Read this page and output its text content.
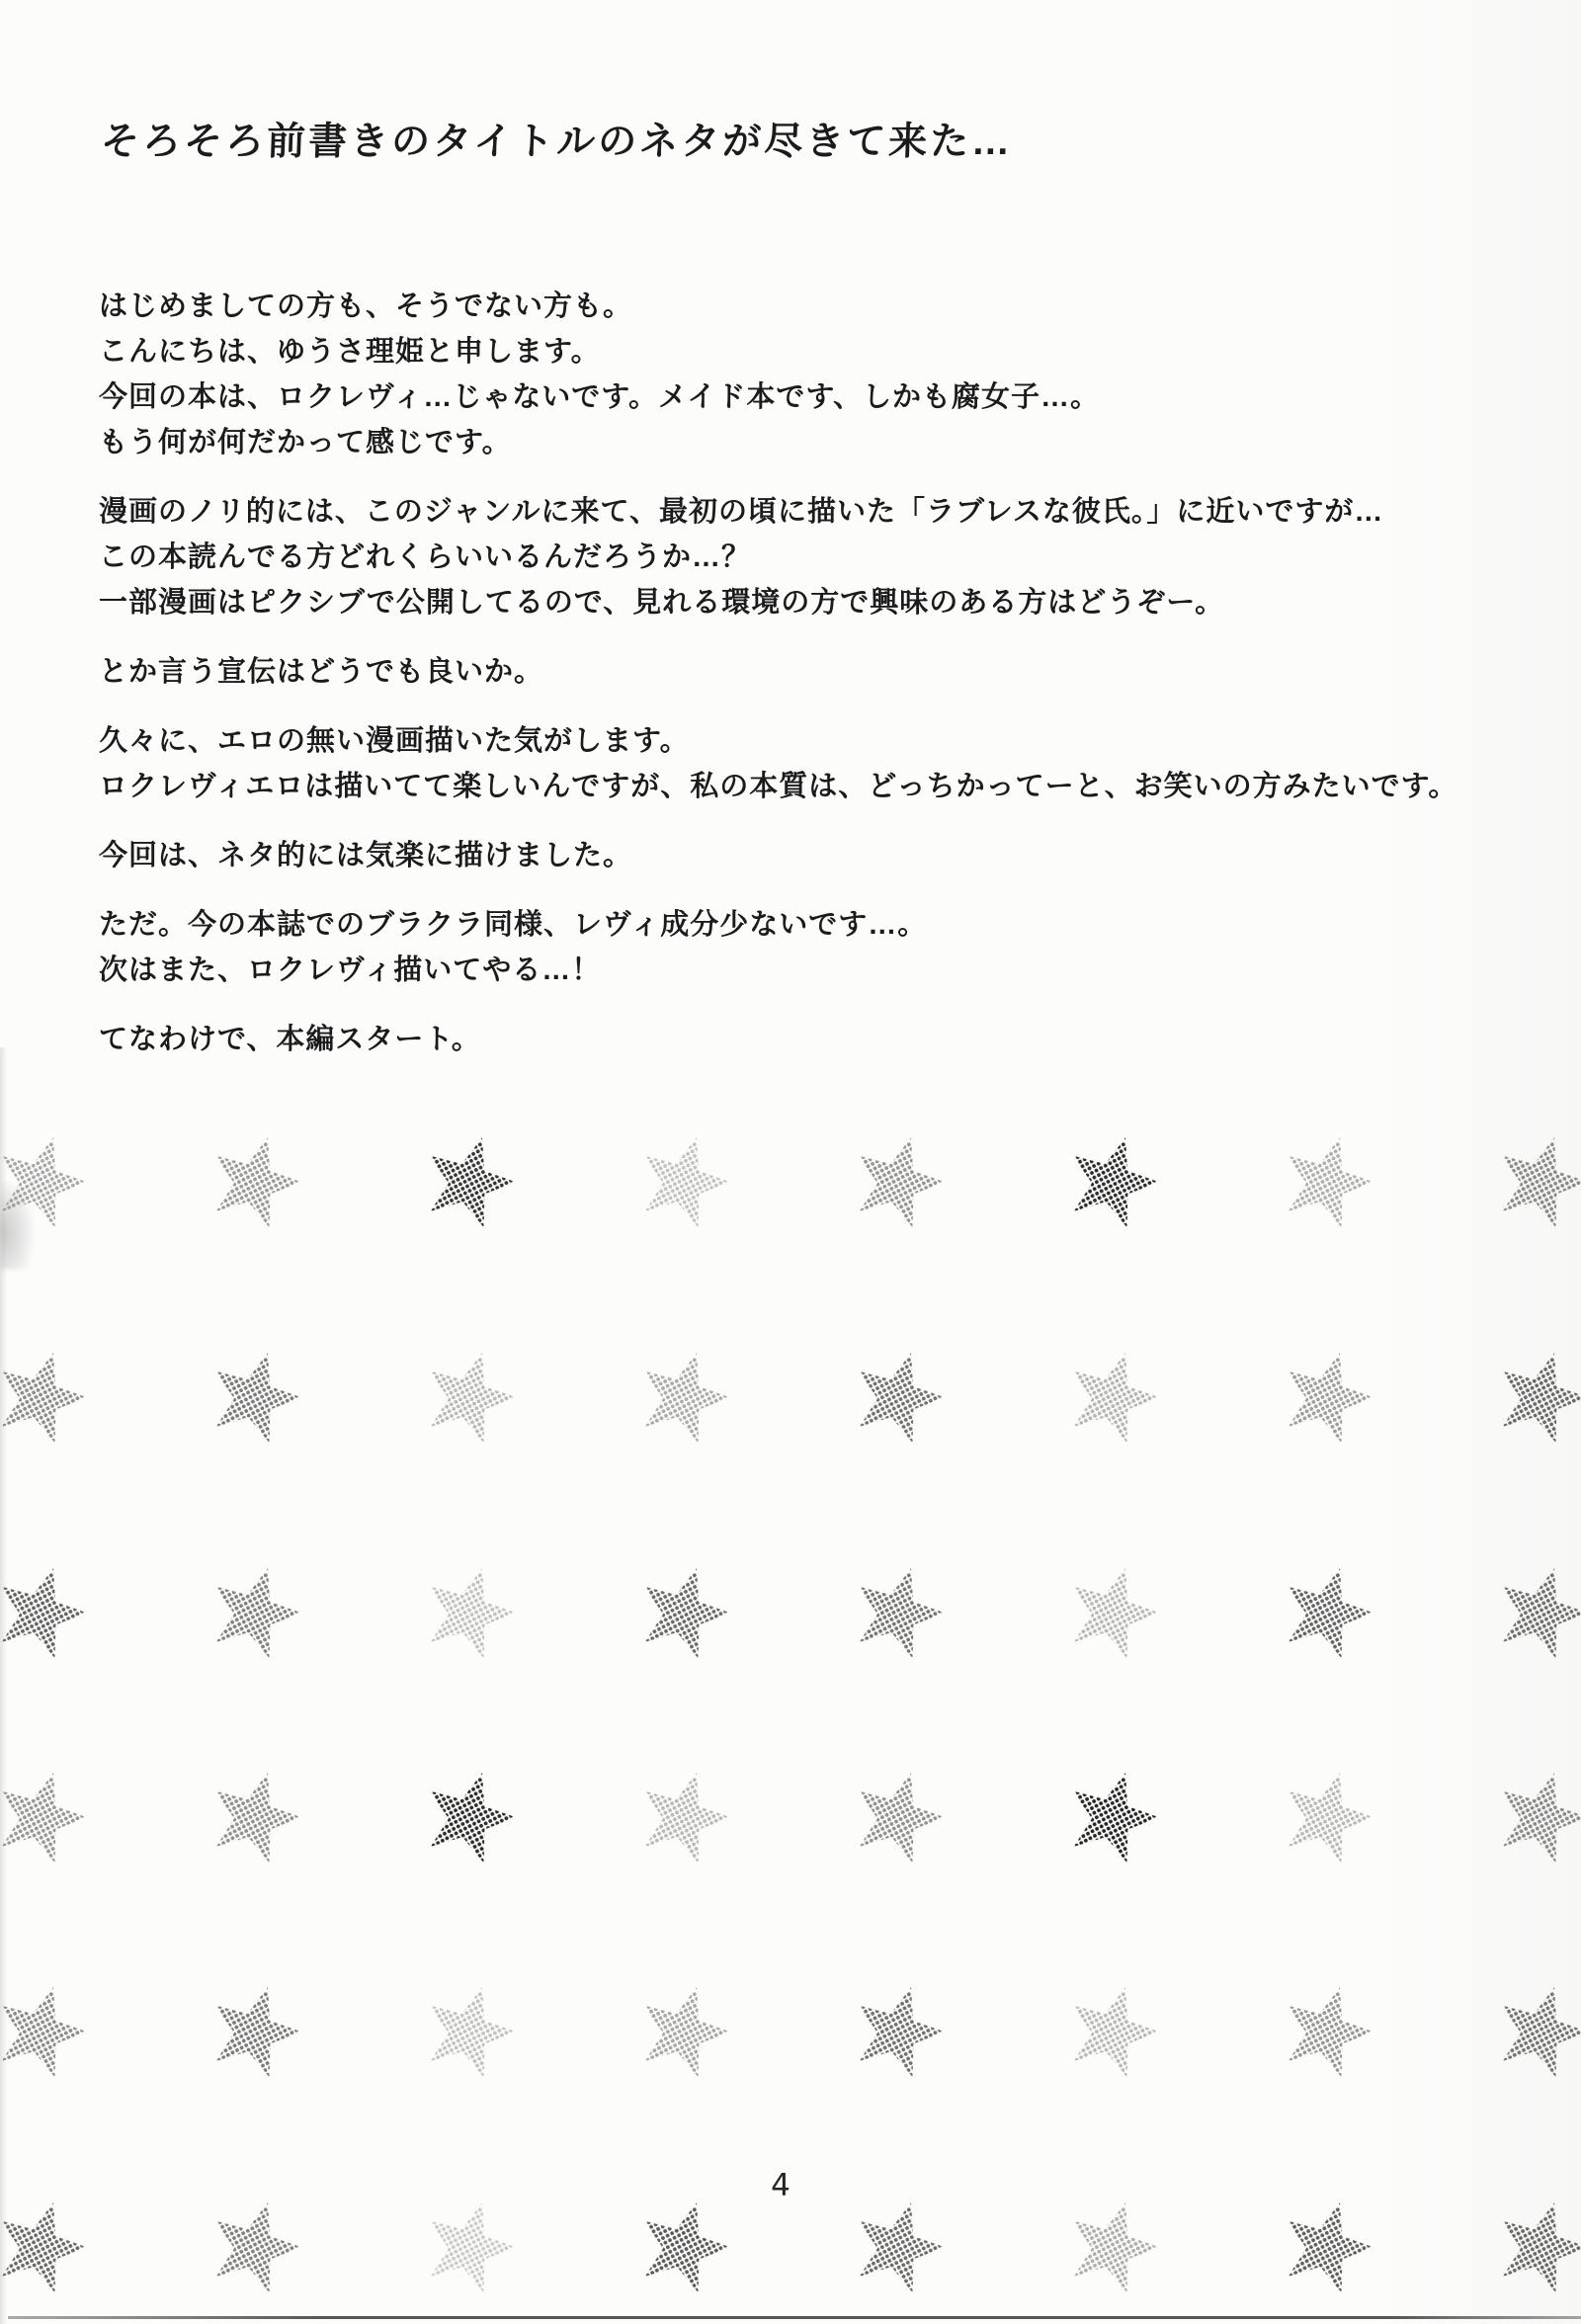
そろそろ前書きのタイトルのネタが尽きて来た…

はじめましての方も、そうでない方も。
こんにちは、ゆうさ理姫と申します。
今回の本は、ロクレヴィ…じゃないです。メイド本です、しかも腐女子…。
もう何が何だかって感じです。

漫画のノリ的には、このジャンルに来て、最初の頃に描いた「ラブレスな彼氏。」に近いですが…
この本読んでる方どれくらいいるんだろうか…？
一部漫画はピクシブで公開してるので、見れる環境の方で興味のある方はどうぞー。

とか言う宣伝はどうでも良いか。

久々に、エロの無い漫画描いた気がします。
ロクレヴィエロは描いてて楽しいんですが、私の本質は、どっちかってーと、お笑いの方みたいです。

今回は、ネタ的には気楽に描けました。

ただ。今の本誌でのブラクラ同様、レヴィ成分少ないです…。
次はまた、ロクレヴィ描いてやる…！

てなわけで、本編スタート。

4
